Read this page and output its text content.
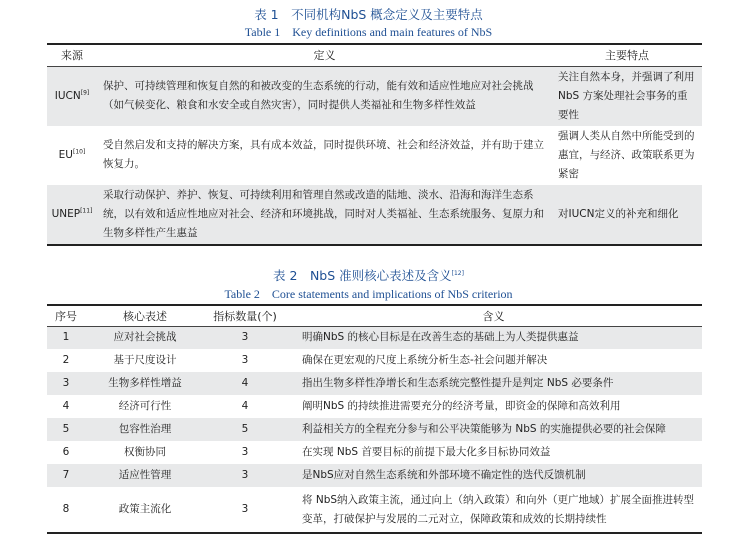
表 1　不同机构NbS 概念定义及主要特点
Table 1　Key definitions and main features of NbS
来源	定义	主要特点
IUCN[9]	保护、可持续管理和恢复自然的和被改变的生态系统的行动，能有效和适应性地应对社会挑战（如气候变化、粮食和水安全或自然灾害），同时提供人类福祉和生物多样性效益	关注自然本身，并强调了利用NbS 方案处理社会事务的重要性
EU[10]	受自然启发和支持的解决方案，具有成本效益，同时提供环境、社会和经济效益，并有助于建立恢复力。	强调人类从自然中所能受到的惠宜，与经济、政策联系更为紧密
UNEP[11]	采取行动保护、养护、恢复、可持续利用和管理自然或改造的陆地、淡水、沿海和海洋生态系统，以有效和适应性地应对社会、经济和环境挑战，同时对人类福祉、生态系统服务、复原力和生物多样性产生惠益	对IUCN定义的补充和细化
表 2　NbS 准则核心表述及含义[12]
Table 2　Core statements and implications of NbS criterion
序号	核心表述	指标数量(个)	含义
1	应对社会挑战	3	明确NbS 的核心目标是在改善生态的基础上为人类提供惠益
2	基于尺度设计	3	确保在更宏观的尺度上系统分析生态-社会问题并解决
3	生物多样性增益	4	指出生物多样性净增长和生态系统完整性提升是判定 NbS 必要条件
4	经济可行性	4	阐明NbS 的持续推进需要充分的经济考量，即资金的保障和高效利用
5	包容性治理	5	利益相关方的全程充分参与和公平决策能够为 NbS 的实施提供必要的社会保障
6	权衡协同	3	在实现 NbS 首要目标的前提下最大化多目标协同效益
7	适应性管理	3	是NbS应对自然生态系统和外部环境不确定性的迭代反馈机制
8	政策主流化	3	将 NbS纳入政策主流，通过向上（纳入政策）和向外（更广地域）扩展全面推进转型变革，打破保护与发展的二元对立，保障政策和成效的长期持续性
